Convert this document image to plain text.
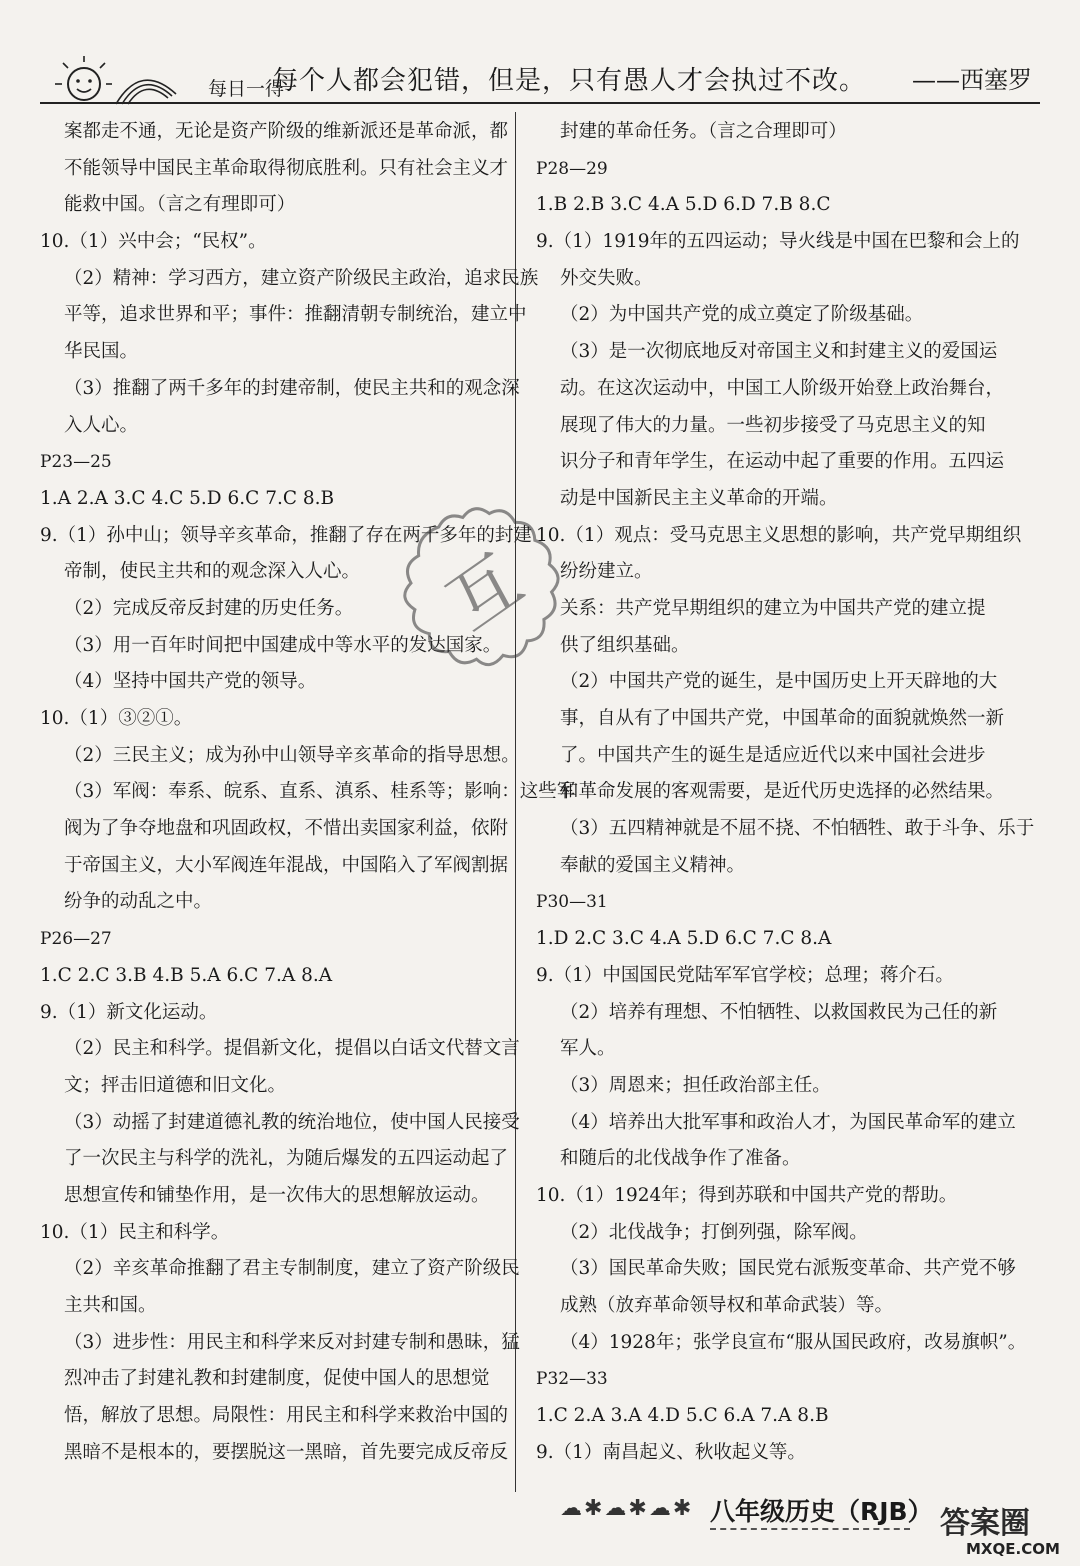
每日一得
每个人都会犯错，但是，只有愚人才会执过不改。 ——西塞罗
案都走不通，无论是资产阶级的维新派还是革命派，都
不能领导中国民主革命取得彻底胜利。只有社会主义才
能救中国。（言之有理即可）
10.（1）兴中会；“民权”。
（2）精神：学习西方，建立资产阶级民主政治，追求民族
平等，追求世界和平；事件：推翻清朝专制统治，建立中
华民国。
（3）推翻了两千多年的封建帝制，使民主共和的观念深
入人心。
P23—25
1.A 2.A 3.C 4.C 5.D 6.C 7.C 8.B
9.（1）孙中山；领导辛亥革命，推翻了存在两千多年的封建
帝制，使民主共和的观念深入人心。
（2）完成反帝反封建的历史任务。
（3）用一百年时间把中国建成中等水平的发达国家。
（4）坚持中国共产党的领导。
10.（1）③②①。
（2）三民主义；成为孙中山领导辛亥革命的指导思想。
（3）军阀：奉系、皖系、直系、滇系、桂系等；影响：这些军
阀为了争夺地盘和巩固政权，不惜出卖国家利益，依附
于帝国主义，大小军阀连年混战，中国陷入了军阀割据
纷争的动乱之中。
P26—27
1.C 2.C 3.B 4.B 5.A 6.C 7.A 8.A
9.（1）新文化运动。
（2）民主和科学。提倡新文化，提倡以白话文代替文言
文；抨击旧道德和旧文化。
（3）动摇了封建道德礼教的统治地位，使中国人民接受
了一次民主与科学的洗礼，为随后爆发的五四运动起了
思想宣传和铺垫作用，是一次伟大的思想解放运动。
10.（1）民主和科学。
（2）辛亥革命推翻了君主专制制度，建立了资产阶级民
主共和国。
（3）进步性：用民主和科学来反对封建专制和愚昧，猛
烈冲击了封建礼教和封建制度，促使中国人的思想觉
悟，解放了思想。局限性：用民主和科学来救治中国的
黑暗不是根本的，要摆脱这一黑暗，首先要完成反帝反
封建的革命任务。（言之合理即可）
P28—29
1.B 2.B 3.C 4.A 5.D 6.D 7.B 8.C
9.（1）1919年的五四运动；导火线是中国在巴黎和会上的
外交失败。
（2）为中国共产党的成立奠定了阶级基础。
（3）是一次彻底地反对帝国主义和封建主义的爱国运
动。在这次运动中，中国工人阶级开始登上政治舞台，
展现了伟大的力量。一些初步接受了马克思主义的知
识分子和青年学生，在运动中起了重要的作用。五四运
动是中国新民主主义革命的开端。
10.（1）观点：受马克思主义思想的影响，共产党早期组织
纷纷建立。
关系：共产党早期组织的建立为中国共产党的建立提
供了组织基础。
（2）中国共产党的诞生，是中国历史上开天辟地的大
事，自从有了中国共产党，中国革命的面貌就焕然一新
了。中国共产生的诞生是适应近代以来中国社会进步
和革命发展的客观需要，是近代历史选择的必然结果。
（3）五四精神就是不屈不挠、不怕牺牲、敢于斗争、乐于
奉献的爱国主义精神。
P30—31
1.D 2.C 3.C 4.A 5.D 6.C 7.C 8.A
9.（1）中国国民党陆军军官学校；总理；蒋介石。
（2）培养有理想、不怕牺牲、以救国救民为己任的新
军人。
（3）周恩来；担任政治部主任。
（4）培养出大批军事和政治人才，为国民革命军的建立
和随后的北伐战争作了准备。
10.（1）1924年；得到苏联和中国共产党的帮助。
（2）北伐战争；打倒列强，除军阀。
（3）国民革命失败；国民党右派叛变革命、共产党不够
成熟（放弃革命领导权和革命武装）等。
（4）1928年；张学良宣布“服从国民政府，改易旗帜”。
P32—33
1.C 2.A 3.A 4.D 5.C 6.A 7.A 8.B
9.（1）南昌起义、秋收起义等。
互
☁✱☁✱☁✱ 八年级历史（RJB） 答案圈
MXQE.COM
